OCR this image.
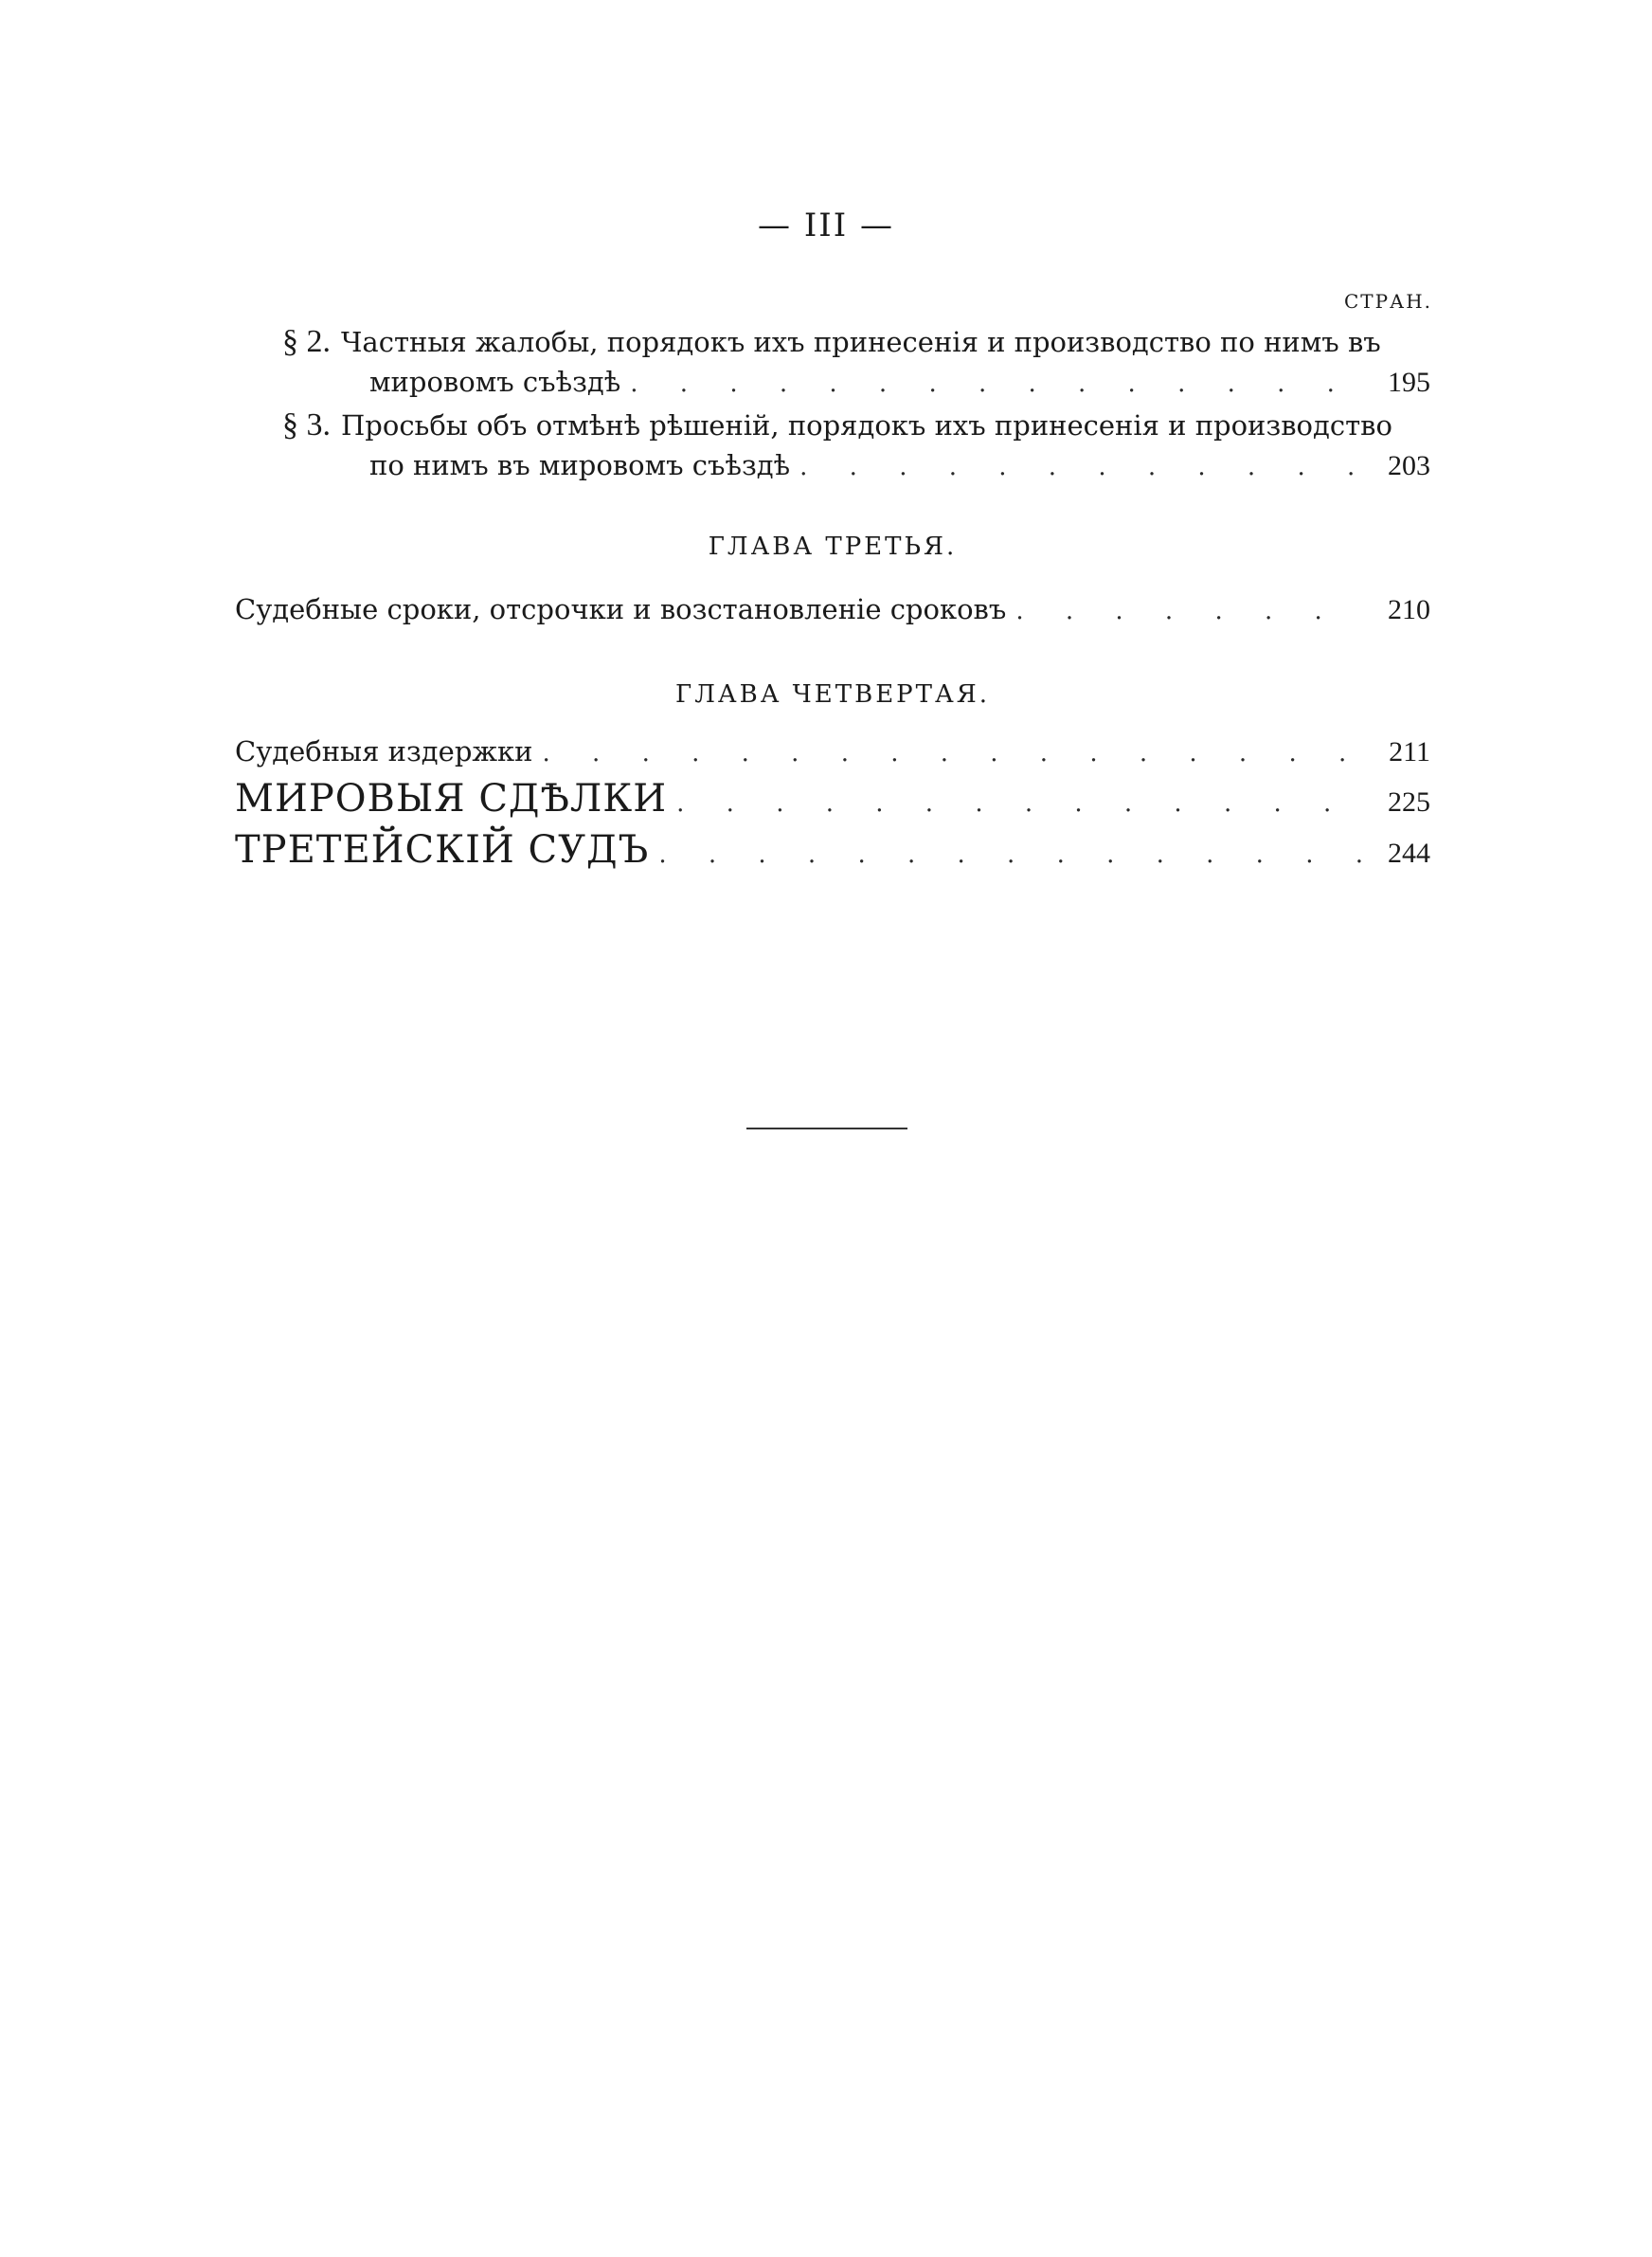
— III —
СТРАН.
§ 2. Частныя жалобы, порядокъ ихъ принесенія и производство по нимъ въ
мировомъ съѣздѣ . . .	195
§ 3. Просьбы объ отмѣнѣ рѣшеній, порядокъ ихъ принесенія и производство
по нимъ въ мировомъ съѣздѣ . . .	203
ГЛАВА ТРЕТЬЯ.
Судебные сроки, отсрочки и возстановленіе сроковъ . . .	210
ГЛАВА ЧЕТВЕРТАЯ.
Судебныя издержки . . .	211
МИРОВЫЯ СДѢЛКИ . . .	225
ТРЕТЕЙСКІЙ СУДЪ . . .	244
